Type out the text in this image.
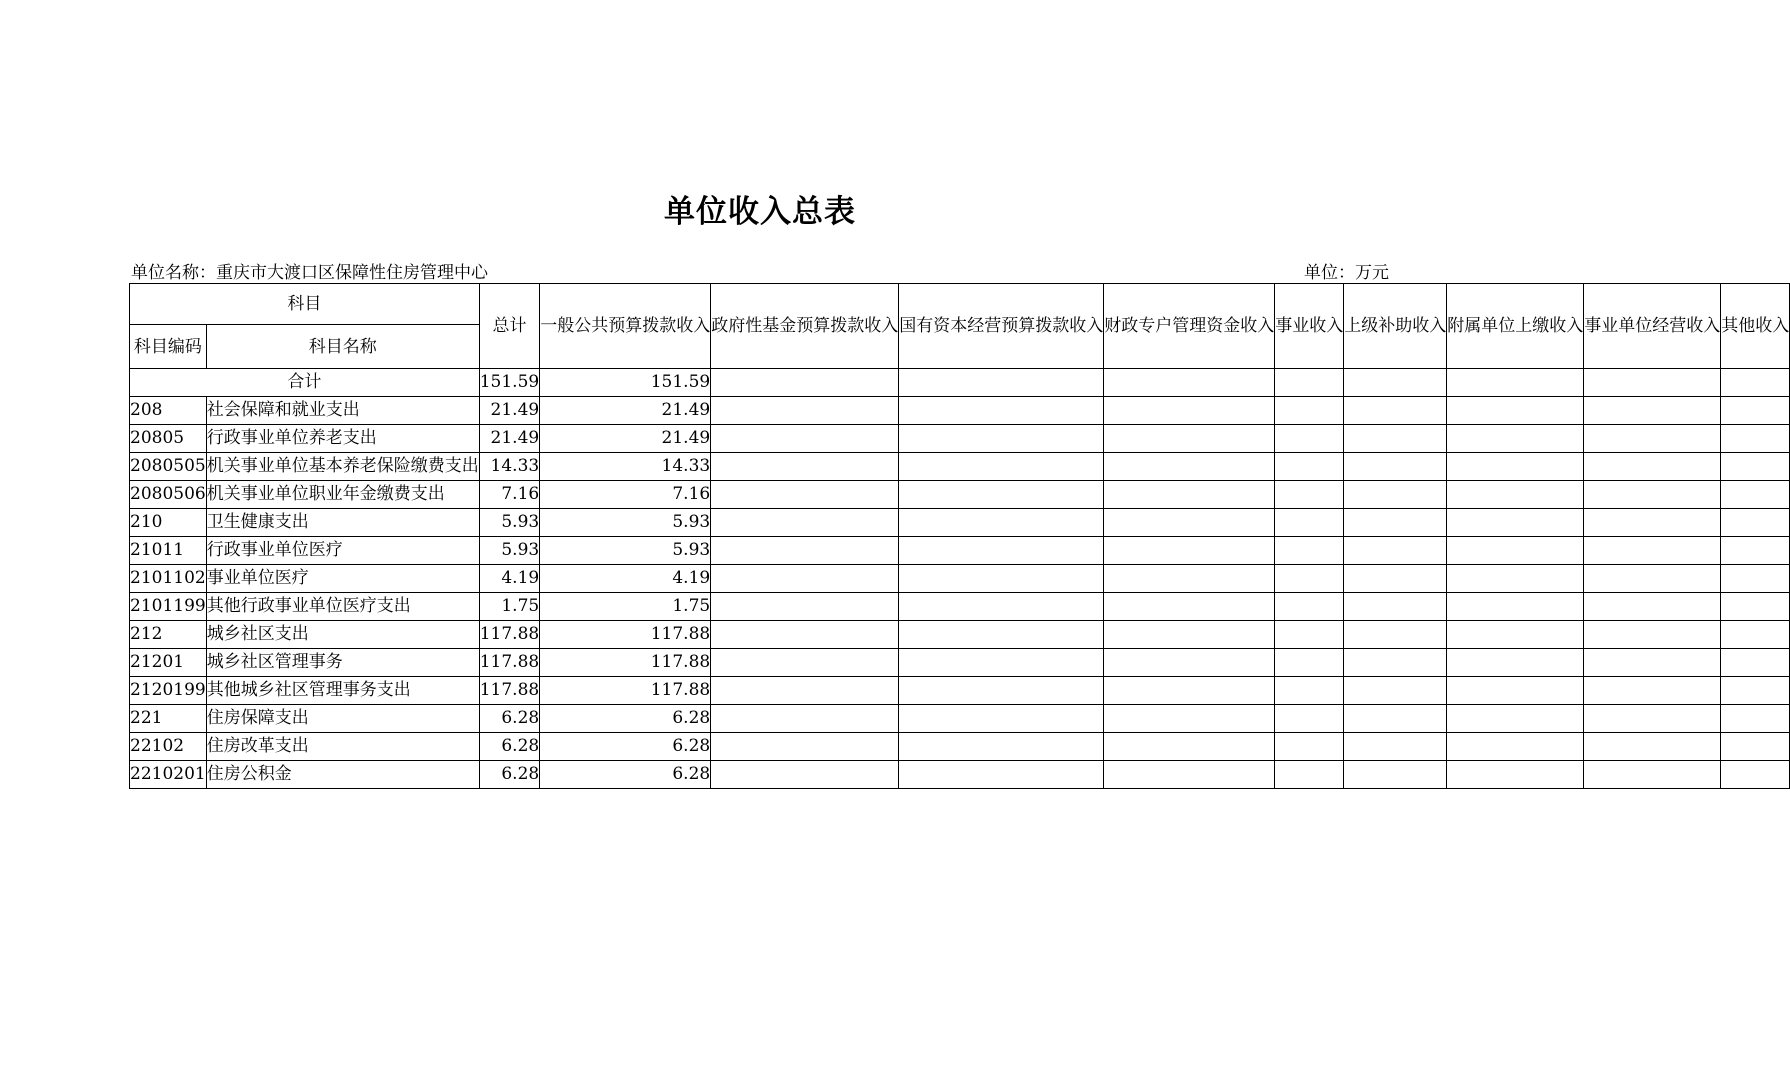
单位收入总表
单位名称：重庆市大渡口区保障性住房管理中心	单位：万元
科目		总计	一般公共预算拨款收入	政府性基金预算拨款收入	国有资本经营预算拨款收入	财政专户管理资金收入	事业收入	上级补助收入	附属单位上缴收入	事业单位经营收入	其他收入
科目编码	科目名称										
合计		151.59	151.59								
208	社会保障和就业支出	21.49	21.49								
20805	行政事业单位养老支出	21.49	21.49								
2080505	机关事业单位基本养老保险缴费支出	14.33	14.33								
2080506	机关事业单位职业年金缴费支出	7.16	7.16								
210	卫生健康支出	5.93	5.93								
21011	行政事业单位医疗	5.93	5.93								
2101102	事业单位医疗	4.19	4.19								
2101199	其他行政事业单位医疗支出	1.75	1.75								
212	城乡社区支出	117.88	117.88								
21201	城乡社区管理事务	117.88	117.88								
2120199	其他城乡社区管理事务支出	117.88	117.88								
221	住房保障支出	6.28	6.28								
22102	住房改革支出	6.28	6.28								
2210201	住房公积金	6.28	6.28								
